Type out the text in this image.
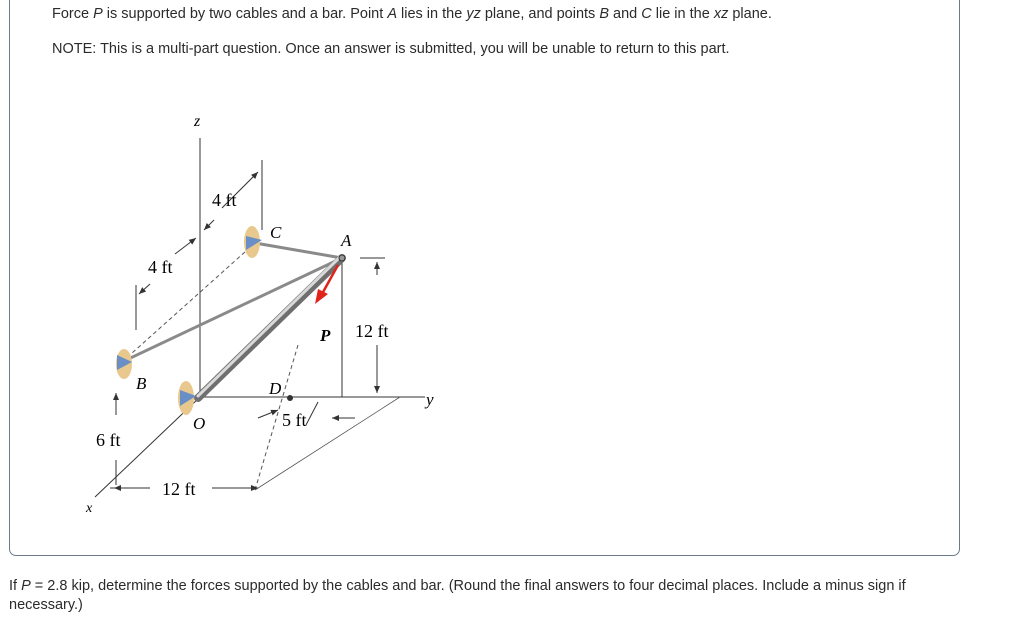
Force P is supported by two cables and a bar. Point A lies in the yz plane, and points B and C lie in the xz plane.
NOTE: This is a multi-part question. Once an answer is submitted, you will be unable to return to this part.
z
y
x
C	A
B
O
D
P
4 ft
4 ft
12 ft
5 ft
6 ft
12 ft
If P = 2.8 kip, determine the forces supported by the cables and bar. (Round the final answers to four decimal places. Include a minus sign if necessary.)
